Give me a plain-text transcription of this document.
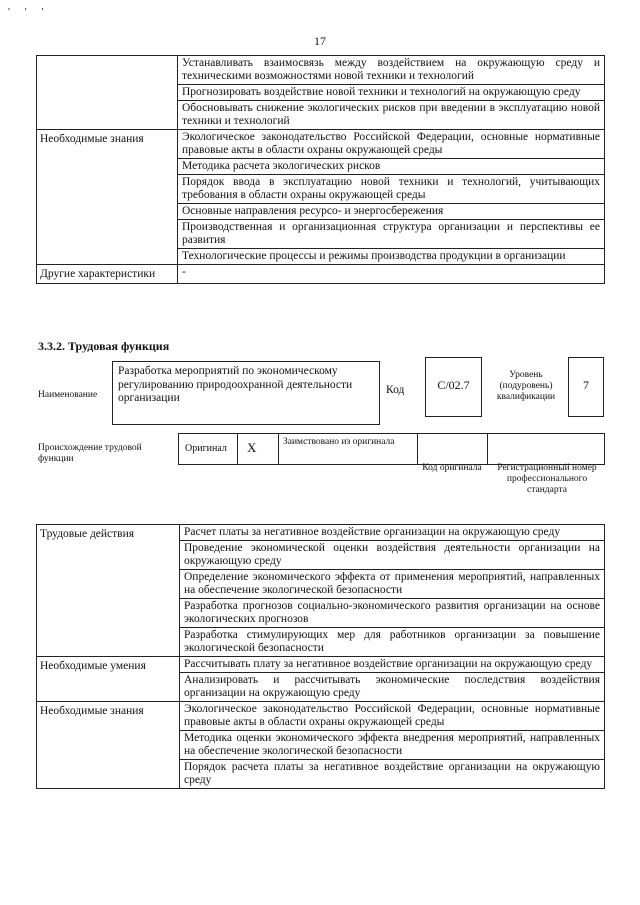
' ' '
17
	Устанавливать взаимосвязь между воздействием на окружающую среду и техническими возможностями новой техники и технологий
	Прогнозировать воздействие новой техники и технологий на окружающую среду
	Обосновывать снижение экологических рисков при введении в эксплуатацию новой техники и технологий
Необходимые знания	Экологическое законодательство Российской Федерации, основные нормативные правовые акты в области охраны окружающей среды
	Методика расчета экологических рисков
	Порядок ввода в эксплуатацию новой техники и технологий, учитывающих требования в области охраны окружающей среды
	Основные направления ресурсо- и энергосбережения
	Производственная и организационная структура организации и перспективы ее развития
	Технологические процессы и режимы производства продукции в организации
Другие характеристики	-
3.3.2. Трудовая функция
Наименование
Разработка мероприятий по экономическому регулированию природоохранной деятельности организации
Код	C/02.7
Уровень (подуровень) квалификации
7
Происхождение трудовой функции
Оригинал X	Заимствовано из оригинала
Код оригинала	Регистрационный номер профессионального стандарта
Трудовые действия	Расчет платы за негативное воздействие организации на окружающую среду
	Проведение экономической оценки воздействия деятельности организации на окружающую среду
	Определение экономического эффекта от применения мероприятий, направленных на обеспечение экологической безопасности
	Разработка прогнозов социально-экономического развития организации на основе экологических прогнозов
	Разработка стимулирующих мер для работников организации за повышение экологической безопасности
Необходимые умения	Рассчитывать плату за негативное воздействие организации на окружающую среду
	Анализировать и рассчитывать экономические последствия воздействия организации на окружающую среду
Необходимые знания	Экологическое законодательство Российской Федерации, основные нормативные правовые акты в области охраны окружающей среды
	Методика оценки экономического эффекта внедрения мероприятий, направленных на обеспечение экологической безопасности
	Порядок расчета платы за негативное воздействие организации на окружающую среду
